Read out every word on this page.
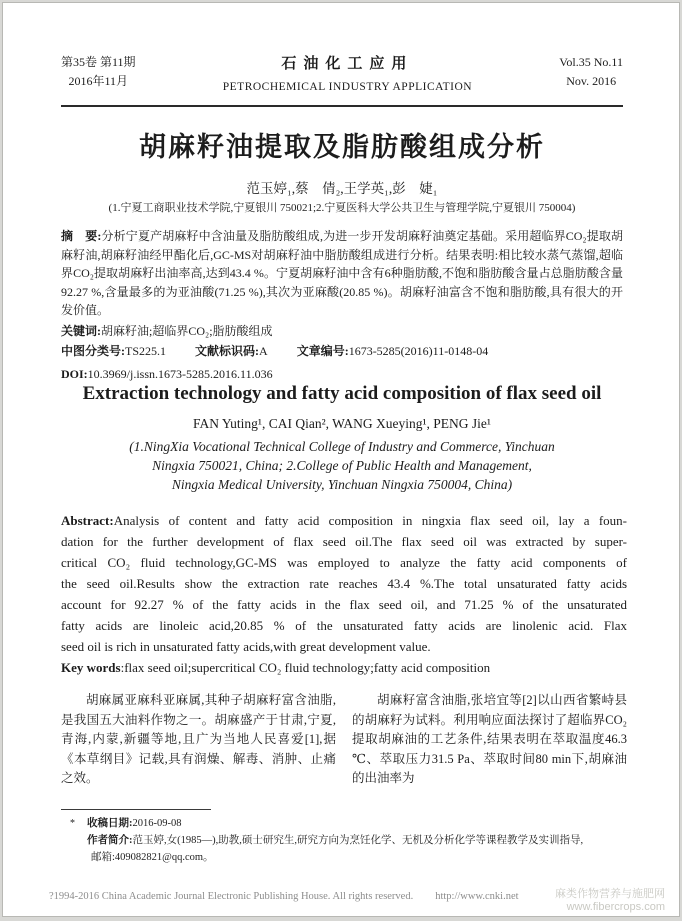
第35卷 第11期
2016年11月
石油化工应用
PETROCHEMICAL INDUSTRY APPLICATION
Vol.35 No.11
Nov. 2016
胡麻籽油提取及脂肪酸组成分析
范玉婷₁,蔡　倩₂,王学英₁,彭　婕₁
(1.宁夏工商职业技术学院,宁夏银川 750021;2.宁夏医科大学公共卫生与管理学院,宁夏银川 750004)

摘　要:分析宁夏产胡麻籽中含油量及脂肪酸组成,为进一步开发胡麻籽油奠定基础。采用超临界CO₂提取胡麻籽油,胡麻籽油经甲酯化后,GC-MS对胡麻籽油中脂肪酸组成进行分析。结果表明:相比较水蒸气蒸馏,超临界CO₂提取胡麻籽出油率高,达到43.4 %。宁夏胡麻籽油中含有6种脂肪酸,不饱和脂肪酸含量占总脂肪酸含量92.27 %,含量最多的为亚油酸(71.25 %),其次为亚麻酸(20.85 %)。胡麻籽油富含不饱和脂肪酸,具有很大的开发价值。

关键词:胡麻籽油;超临界CO₂;脂肪酸组成

中图分类号:TS225.1 文献标识码:A 文章编号:1673-5285(2016)11-0148-04

DOI:10.3969/j.issn.1673-5285.2016.11.036

Extraction technology and fatty acid composition of flax seed oil
FAN Yuting¹, CAI Qian², WANG Xueying¹, PENG Jie¹
(1.NingXia Vocational Technical College of Industry and Commerce, Yinchuan
Ningxia 750021, China; 2.College of Public Health and Management,
Ningxia Medical University, Yinchuan Ningxia 750004, China)
Abstract:Analysis of content and fatty acid composition in ningxia flax seed oil, lay a foun-
dation for the further development of flax seed oil.The flax seed oil was extracted by super-
critical CO₂ fluid technology,GC-MS was employed to analyze the fatty acid components of
the seed oil.Results show the extraction rate reaches 43.4 %.The total unsaturated fatty acids
account for 92.27 % of the fatty acids in the flax seed oil, and 71.25 % of the unsaturated
fatty acids are linoleic acid,20.85 % of the unsaturated fatty acids are linolenic acid. Flax
seed oil is rich in unsaturated fatty acids,with great development value.
Key words:flax seed oil;supercritical CO₂ fluid technology;fatty acid composition

胡麻属亚麻科亚麻属,其种子胡麻籽富含油脂,是我国五大油料作物之一。胡麻盛产于甘肃,宁夏,青海,内蒙,新疆等地,且广为当地人民喜爱[1],据《本草纲目》记载,具有润燥、解毒、消肿、止痛之效。

胡麻籽富含油脂,张培宜等[2]以山西省繁峙县的胡麻籽为试料。利用响应面法探讨了超临界CO₂提取胡麻油的工艺条件,结果表明在萃取温度46.3 ℃、萃取压力31.5 Pa、萃取时间80 min下,胡麻油的出油率为

* 收稿日期:2016-09-08
作者简介:范玉婷,女(1985—),助教,硕士研究生,研究方向为烹饪化学、无机及分析化学等课程教学及实训指导,
邮箱:409082821@qq.com。
?1994-2016 China Academic Journal Electronic Publishing House. All rights reserved. http://www.cnki.net	麻类作物营养与施肥网
www.fibercrops.com
